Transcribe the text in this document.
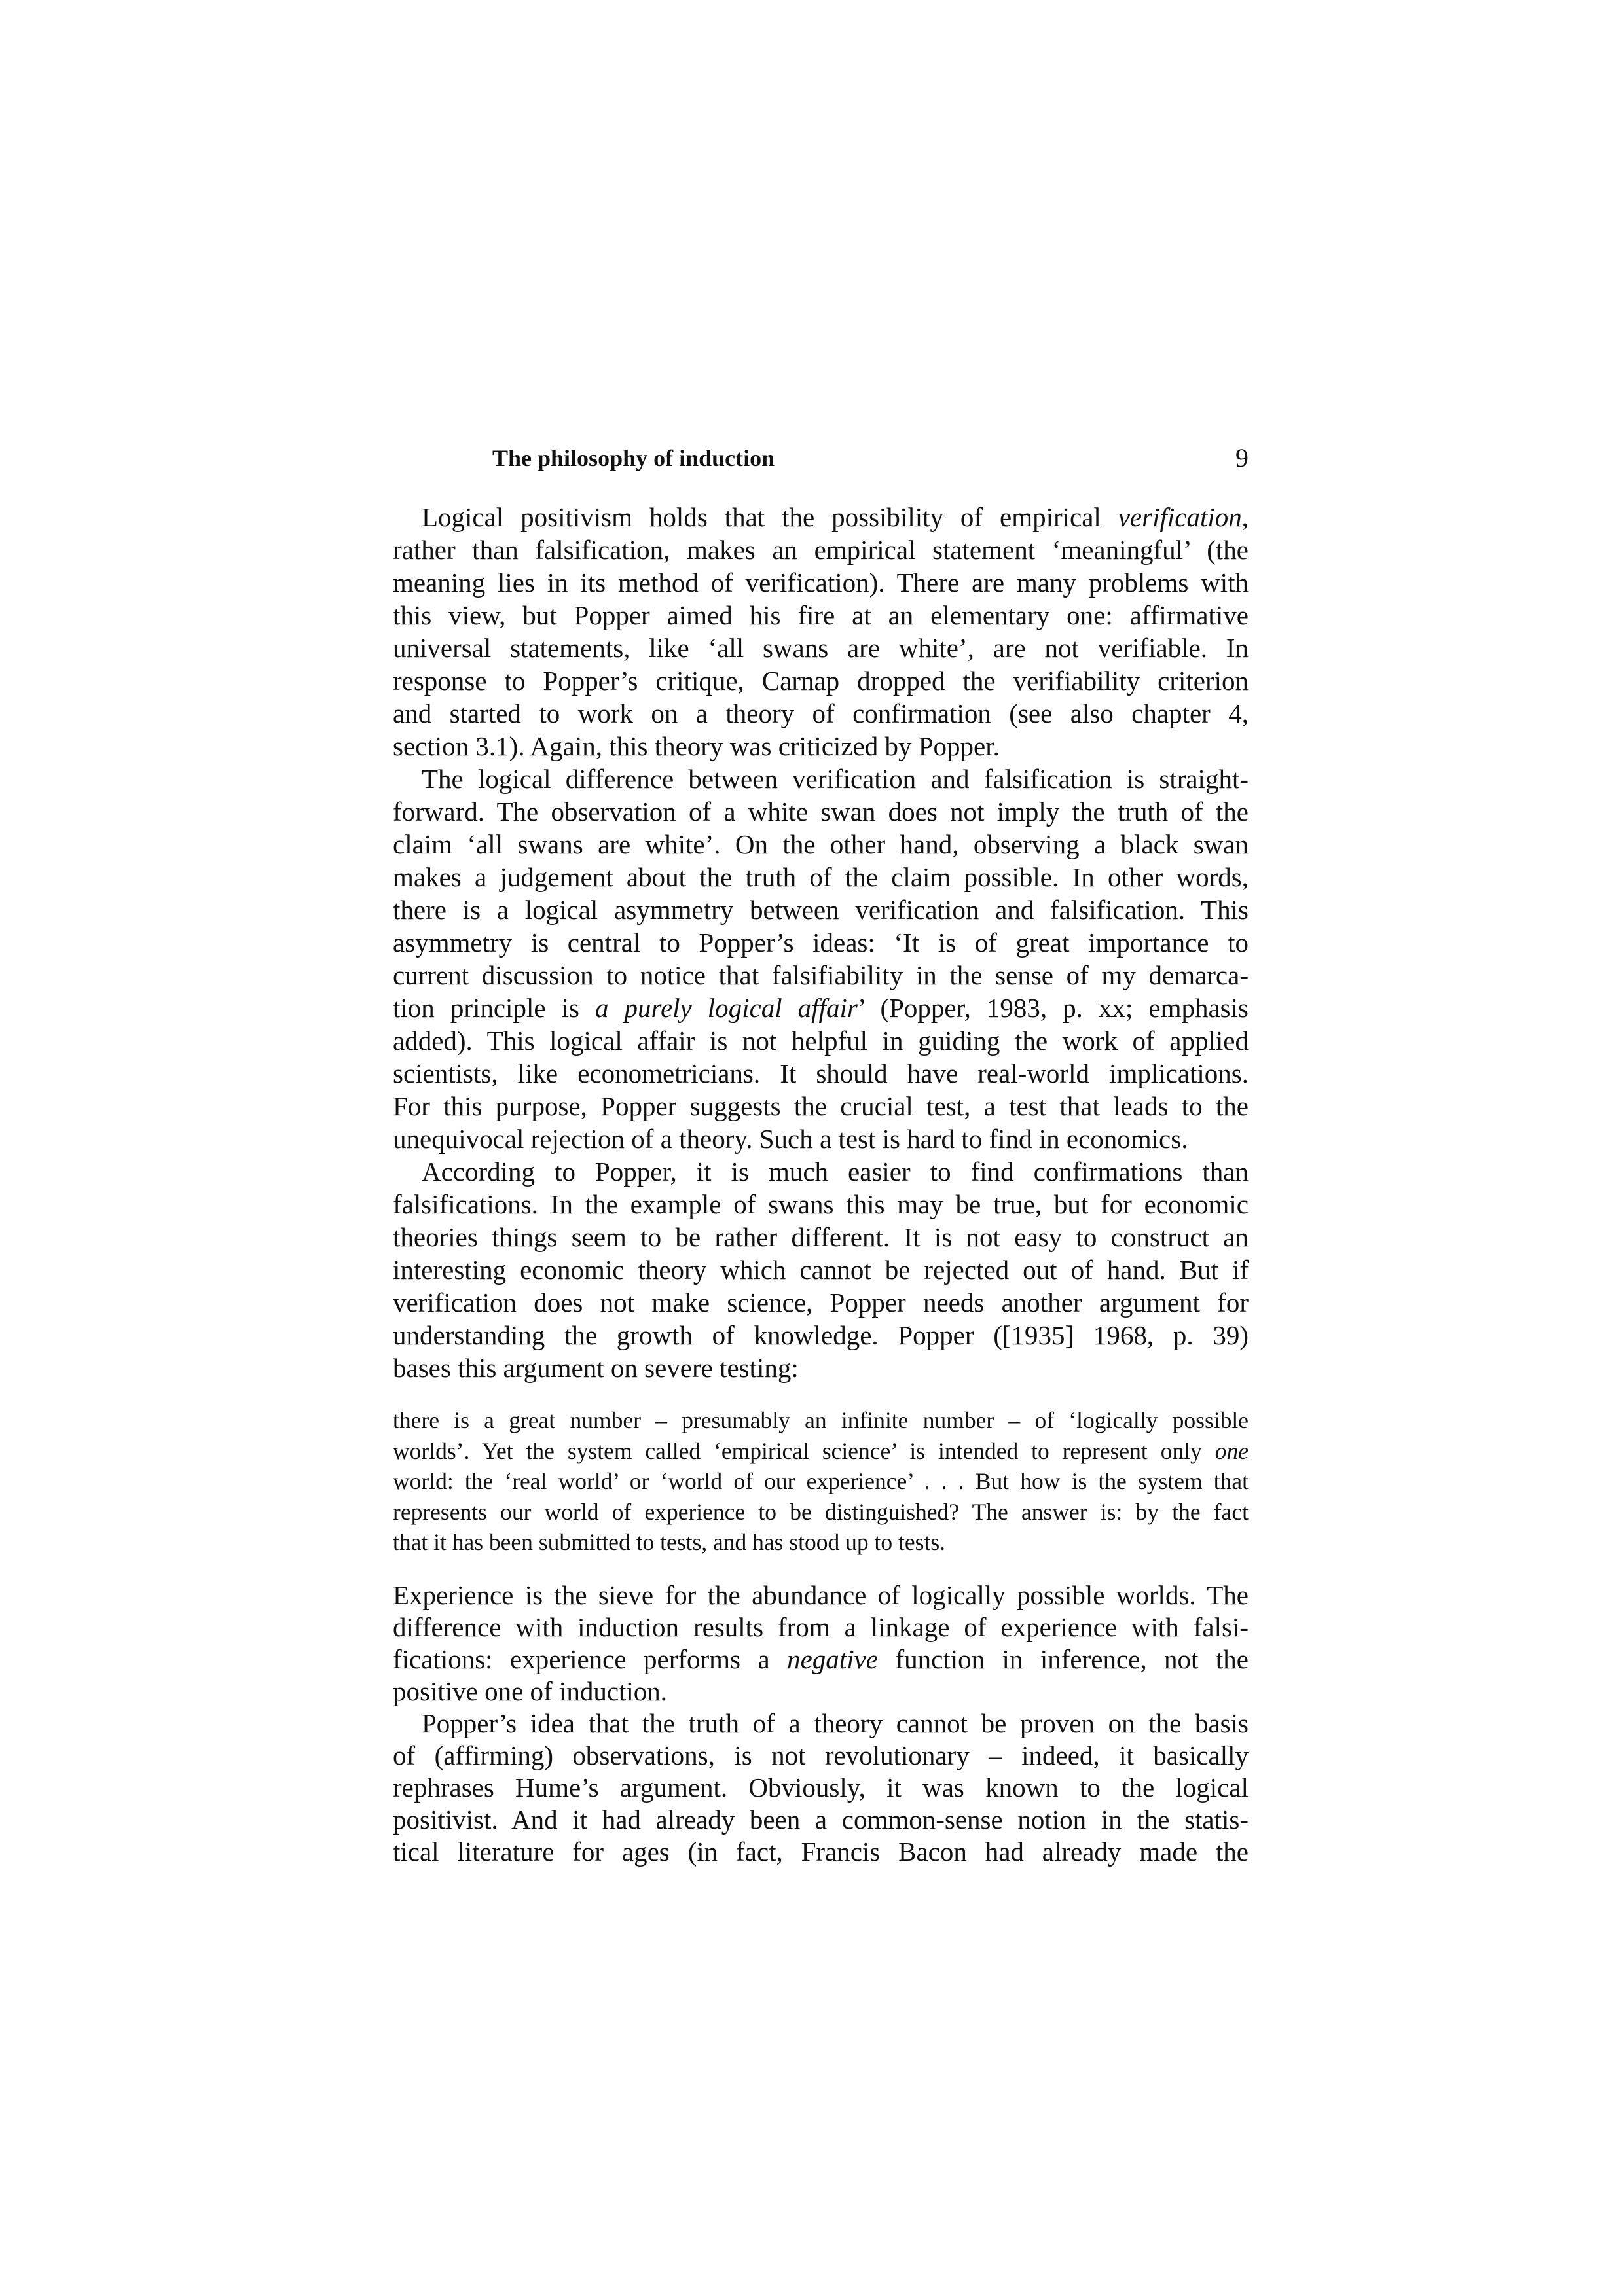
The philosophy of induction	9
Logical positivism holds that the possibility of empirical verification,
rather than falsification, makes an empirical statement ‘meaningful’ (the
meaning lies in its method of verification). There are many problems with
this view, but Popper aimed his fire at an elementary one: affirmative
universal statements, like ‘all swans are white’, are not verifiable. In
response to Popper’s critique, Carnap dropped the verifiability criterion
and started to work on a theory of confirmation (see also chapter 4,
section 3.1). Again, this theory was criticized by Popper.
The logical difference between verification and falsification is straight-
forward. The observation of a white swan does not imply the truth of the
claim ‘all swans are white’. On the other hand, observing a black swan
makes a judgement about the truth of the claim possible. In other words,
there is a logical asymmetry between verification and falsification. This
asymmetry is central to Popper’s ideas: ‘It is of great importance to
current discussion to notice that falsifiability in the sense of my demarca-
tion principle is a purely logical affair’ (Popper, 1983, p. xx; emphasis
added). This logical affair is not helpful in guiding the work of applied
scientists, like econometricians. It should have real-world implications.
For this purpose, Popper suggests the crucial test, a test that leads to the
unequivocal rejection of a theory. Such a test is hard to find in economics.
According to Popper, it is much easier to find confirmations than
falsifications. In the example of swans this may be true, but for economic
theories things seem to be rather different. It is not easy to construct an
interesting economic theory which cannot be rejected out of hand. But if
verification does not make science, Popper needs another argument for
understanding the growth of knowledge. Popper ([1935] 1968, p. 39)
bases this argument on severe testing:
there is a great number – presumably an infinite number – of ‘logically possible
worlds’. Yet the system called ‘empirical science’ is intended to represent only one
world: the ‘real world’ or ‘world of our experience’ . . . But how is the system that
represents our world of experience to be distinguished? The answer is: by the fact
that it has been submitted to tests, and has stood up to tests.
Experience is the sieve for the abundance of logically possible worlds. The
difference with induction results from a linkage of experience with falsi-
fications: experience performs a negative function in inference, not the
positive one of induction.
Popper’s idea that the truth of a theory cannot be proven on the basis
of (affirming) observations, is not revolutionary – indeed, it basically
rephrases Hume’s argument. Obviously, it was known to the logical
positivist. And it had already been a common-sense notion in the statis-
tical literature for ages (in fact, Francis Bacon had already made the
